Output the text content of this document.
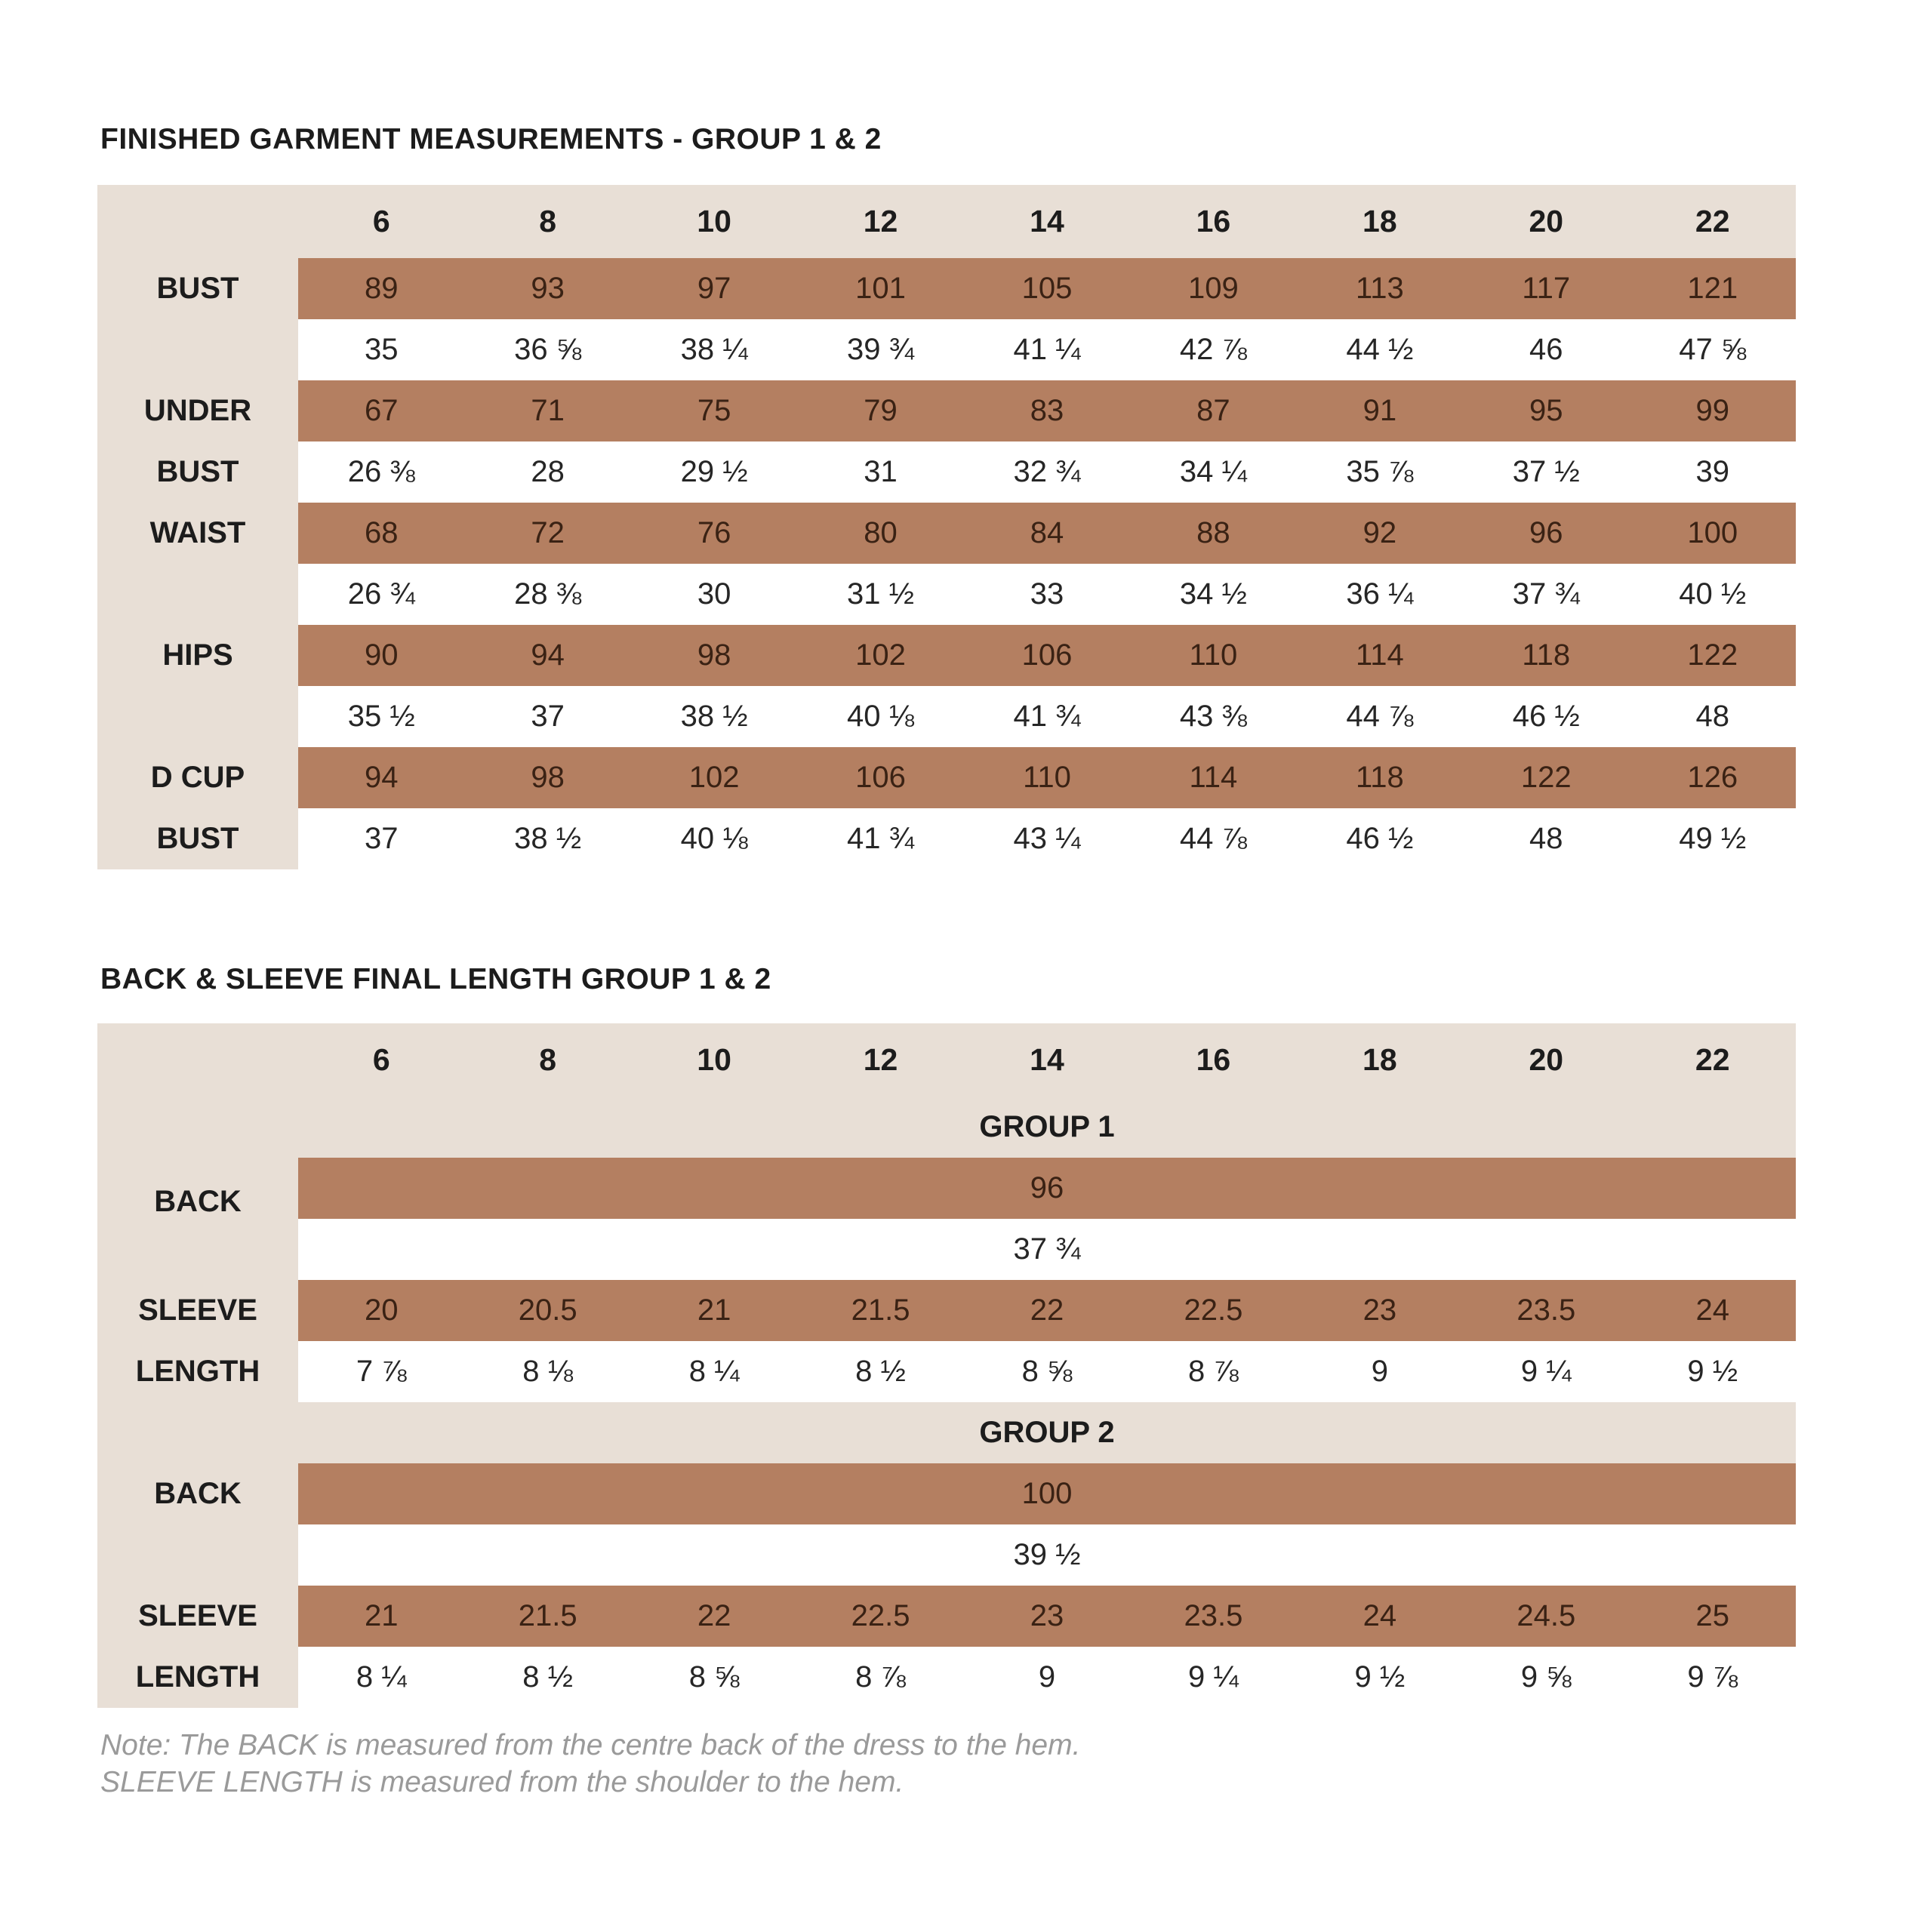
FINISHED GARMENT MEASUREMENTS - GROUP 1 & 2
6	8	10	12	14	16	18	20	22
BUST	89	93	97	101	105	109	113	117	121
35	36 ⅝	38 ¼	39 ¾	41 ¼	42 ⅞	44 ½	46	47 ⅝
UNDER	67	71	75	79	83	87	91	95	99
BUST	26 ⅜	28	29 ½	31	32 ¾	34 ¼	35 ⅞	37 ½	39
WAIST	68	72	76	80	84	88	92	96	100
26 ¾	28 ⅜	30	31 ½	33	34 ½	36 ¼	37 ¾	40 ½
HIPS	90	94	98	102	106	110	114	118	122
35 ½	37	38 ½	40 ⅛	41 ¾	43 ⅜	44 ⅞	46 ½	48
D CUP	94	98	102	106	110	114	118	122	126
BUST	37	38 ½	40 ⅛	41 ¾	43 ¼	44 ⅞	46 ½	48	49 ½
BACK & SLEEVE FINAL LENGTH GROUP 1 & 2
6	8	10	12	14	16	18	20	22
GROUP 1
BACK	96
37 ¾
SLEEVE	20	20.5	21	21.5	22	22.5	23	23.5	24
LENGTH	7 ⅞	8 ⅛	8 ¼	8 ½	8 ⅝	8 ⅞	9	9 ¼	9 ½
GROUP 2
BACK	100
39 ½
SLEEVE	21	21.5	22	22.5	23	23.5	24	24.5	25
LENGTH	8 ¼	8 ½	8 ⅝	8 ⅞	9	9 ¼	9 ½	9 ⅝	9 ⅞
Note: The BACK is measured from the centre back of the dress to the hem.
SLEEVE LENGTH is measured from the shoulder to the hem.
